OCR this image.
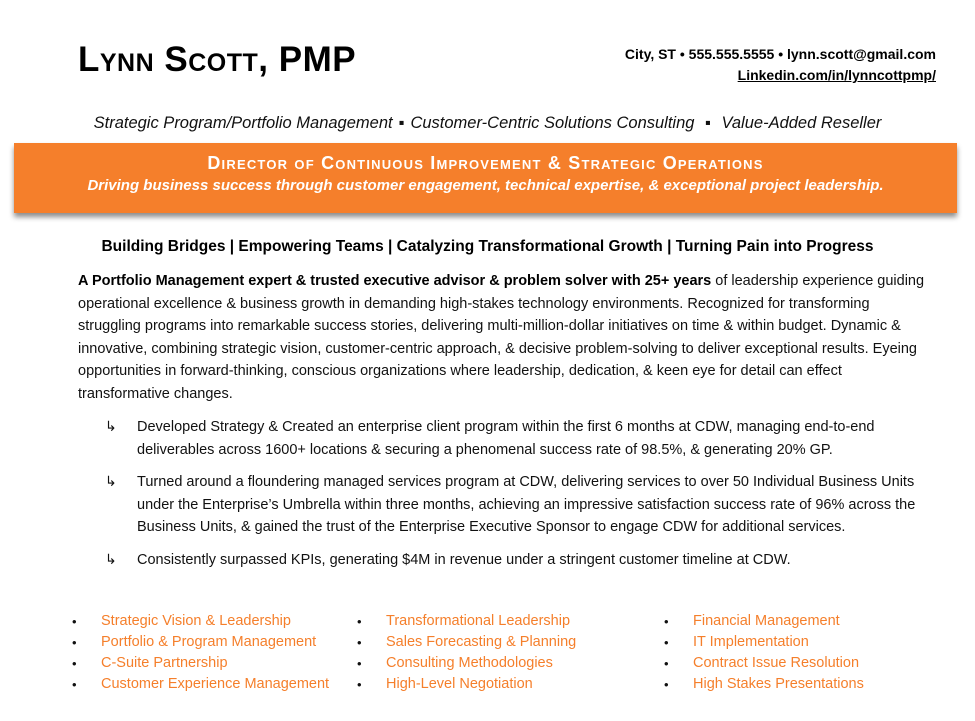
Lynn Scott, PMP	City, ST • 555.555.5555 • lynn.scott@gmail.com
Linkedin.com/in/lynncottpmp/
Strategic Program/Portfolio Management ▪ Customer-Centric Solutions Consulting ▪ Value-Added Reseller
Director of Continuous Improvement & Strategic Operations
Driving business success through customer engagement, technical expertise, & exceptional project leadership.
Building Bridges | Empowering Teams | Catalyzing Transformational Growth | Turning Pain into Progress

A Portfolio Management expert & trusted executive advisor & problem solver with 25+ years of leadership experience guiding operational excellence & business growth in demanding high-stakes technology environments. Recognized for transforming struggling programs into remarkable success stories, delivering multi-million-dollar initiatives on time & within budget. Dynamic & innovative, combining strategic vision, customer-centric approach, & decisive problem-solving to deliver exceptional results. Eyeing opportunities in forward-thinking, conscious organizations where leadership, dedication, & keen eye for detail can effect transformative changes.

↳ Developed Strategy & Created an enterprise client program within the first 6 months at CDW, managing end-to-end deliverables across 1600+ locations & securing a phenomenal success rate of 98.5%, & generating 20% GP.
↳ Turned around a floundering managed services program at CDW, delivering services to over 50 Individual Business Units under the Enterprise’s Umbrella within three months, achieving an impressive satisfaction success rate of 96% across the Business Units, & gained the trust of the Enterprise Executive Sponsor to engage CDW for additional services.
↳ Consistently surpassed KPIs, generating $4M in revenue under a stringent customer timeline at CDW.
• Strategic Vision & Leadership
• Portfolio & Program Management
• C-Suite Partnership
• Customer Experience Management
• Transformational Leadership
• Sales Forecasting & Planning
• Consulting Methodologies
• High-Level Negotiation
• Financial Management
• IT Implementation
• Contract Issue Resolution
• High Stakes Presentations
